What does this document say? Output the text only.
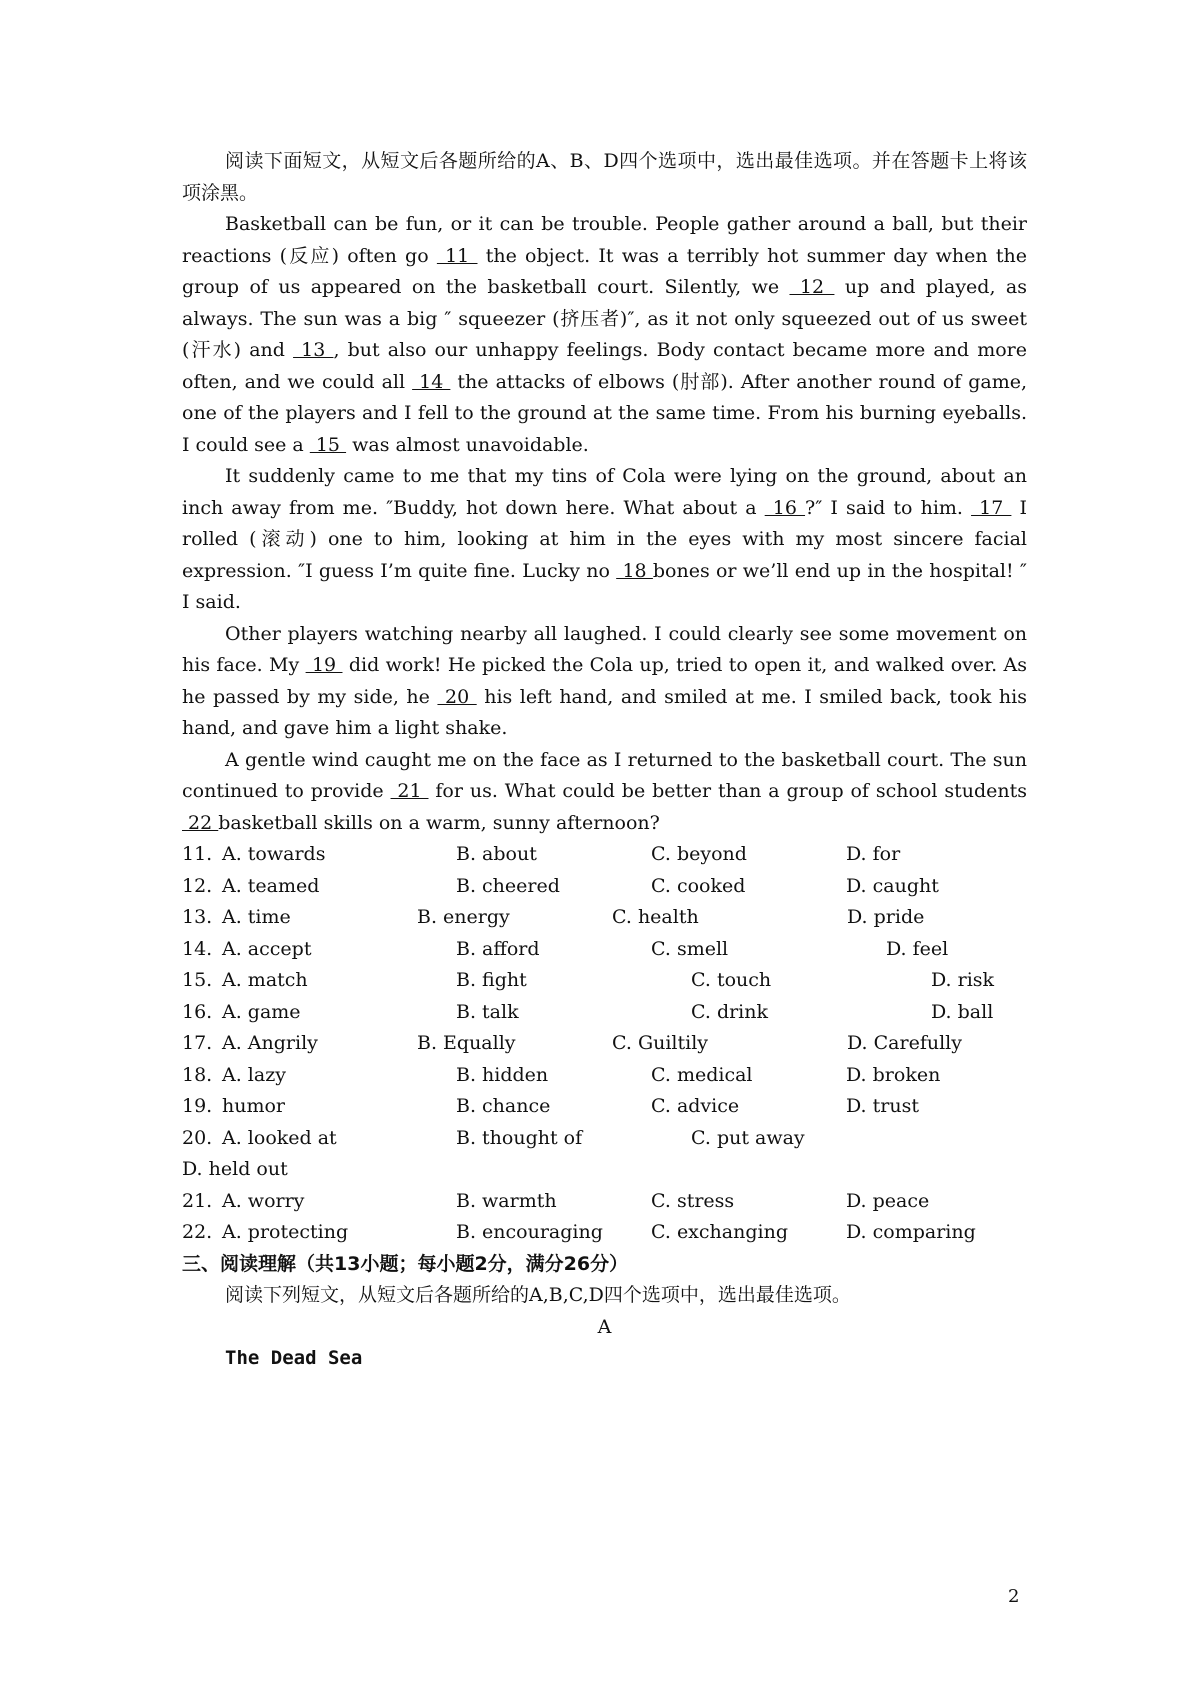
阅读下面短文，从短文后各题所给的A、B、D四个选项中，选出最佳选项。并在答题卡上将该项涂黑。

Basketball can be fun, or it can be trouble. People gather around a ball, but their reactions (反应) often go  11  the object. It was a terribly hot summer day when the group of us appeared on the basketball court. Silently, we  12  up and played, as always. The sun was a big ″ squeezer (挤压者)″, as it not only squeezed out of us sweet (汗水) and  13 , but also our unhappy feelings. Body contact became more and more often, and we could all  14  the attacks of elbows (肘部). After another round of game, one of the players and I fell to the ground at the same time. From his burning eyeballs. I could see a  15  was almost unavoidable.

It suddenly came to me that my tins of Cola were lying on the ground, about an inch away from me. ″Buddy, hot down here. What about a  16 ?″ I said to him.  17  I rolled (滚动) one to him, looking at him in the eyes with my most sincere facial expression. ″I guess I’m quite fine. Lucky no  18 bones or we’ll end up in the hospital! ″ I said.

Other players watching nearby all laughed. I could clearly see some movement on his face. My  19  did work! He picked the Cola up, tried to open it, and walked over. As he passed by my side, he  20  his left hand, and smiled at me. I smiled back, took his hand, and gave him a light shake.

A gentle wind caught me on the face as I returned to the basketball court. The sun continued to provide  21  for us. What could be better than a group of school students  22 basketball skills on a warm, sunny afternoon?

11. A. towards	B. about	C. beyond	D. for
12. A. teamed	B. cheered	C. cooked	D. caught
13. A. time	B. energy	C. health	D. pride
14. A. accept	B. afford	C. smell	D. feel
15. A. match	B. fight	C. touch	D. risk
16. A. game	B. talk	C. drink	D. ball
17. A. Angrily	B. Equally	C. Guiltily	D. Carefully
18. A. lazy	B. hidden	C. medical	D. broken
19. humor	B. chance	C. advice	D. trust
20. A. looked at	B. thought of	C. put away
D. held out
21. A. worry	B. warmth	C. stress	D. peace
22. A. protecting	B. encouraging	C. exchanging	D. comparing

三、阅读理解（共13小题；每小题2分，满分26分）

阅读下列短文，从短文后各题所给的A,B,C,D四个选项中，选出最佳选项。

A

The Dead Sea

2
